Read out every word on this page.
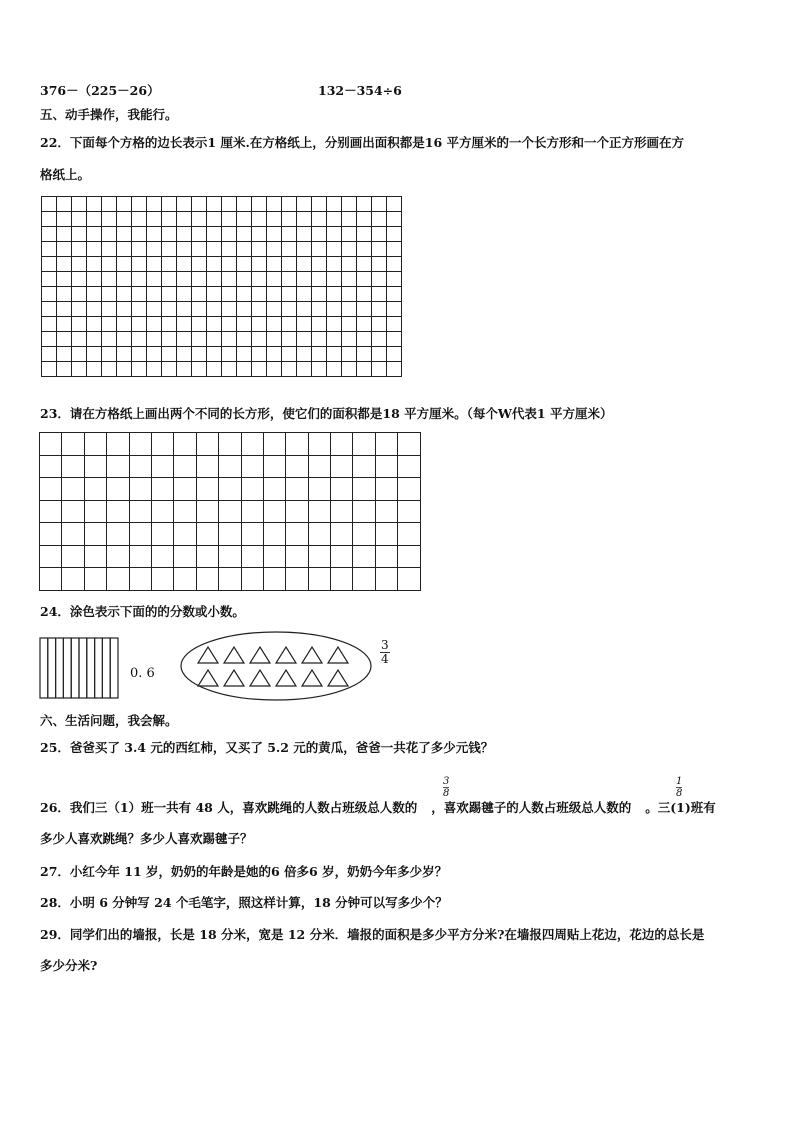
376－（225－26）	132－354÷6
五、动手操作，我能行。
22．下面每个方格的边长表示1 厘米.在方格纸上，分别画出面积都是16 平方厘米的一个长方形和一个正方形画在方
格纸上。

23．请在方格纸上画出两个不同的长方形，使它们的面积都是18 平方厘米。（每个W代表1 平方厘米）

24．涂色表示下面的的分数或小数。
0. 6
$\frac{3}{4}$
六、生活问题，我会解。
25．爸爸买了 3.4 元的西红柿，又买了 5.2 元的黄瓜，爸爸一共花了多少元钱？
26．我们三（1）班一共有 48 人，喜欢跳绳的人数占班级总人数的 ，喜欢踢毽子的人数占班级总人数的 。三(1)班有
$\frac{3}{8}$	$\frac{1}{8}$
多少人喜欢跳绳？多少人喜欢踢毽子？
27．小红今年 11 岁，奶奶的年龄是她的6 倍多6 岁，奶奶今年多少岁？
28．小明 6 分钟写 24 个毛笔字，照这样计算，18 分钟可以写多少个？
29．同学们出的墙报，长是 18 分米，宽是 12 分米．墙报的面积是多少平方分米?在墙报四周贴上花边，花边的总长是
多少分米?
